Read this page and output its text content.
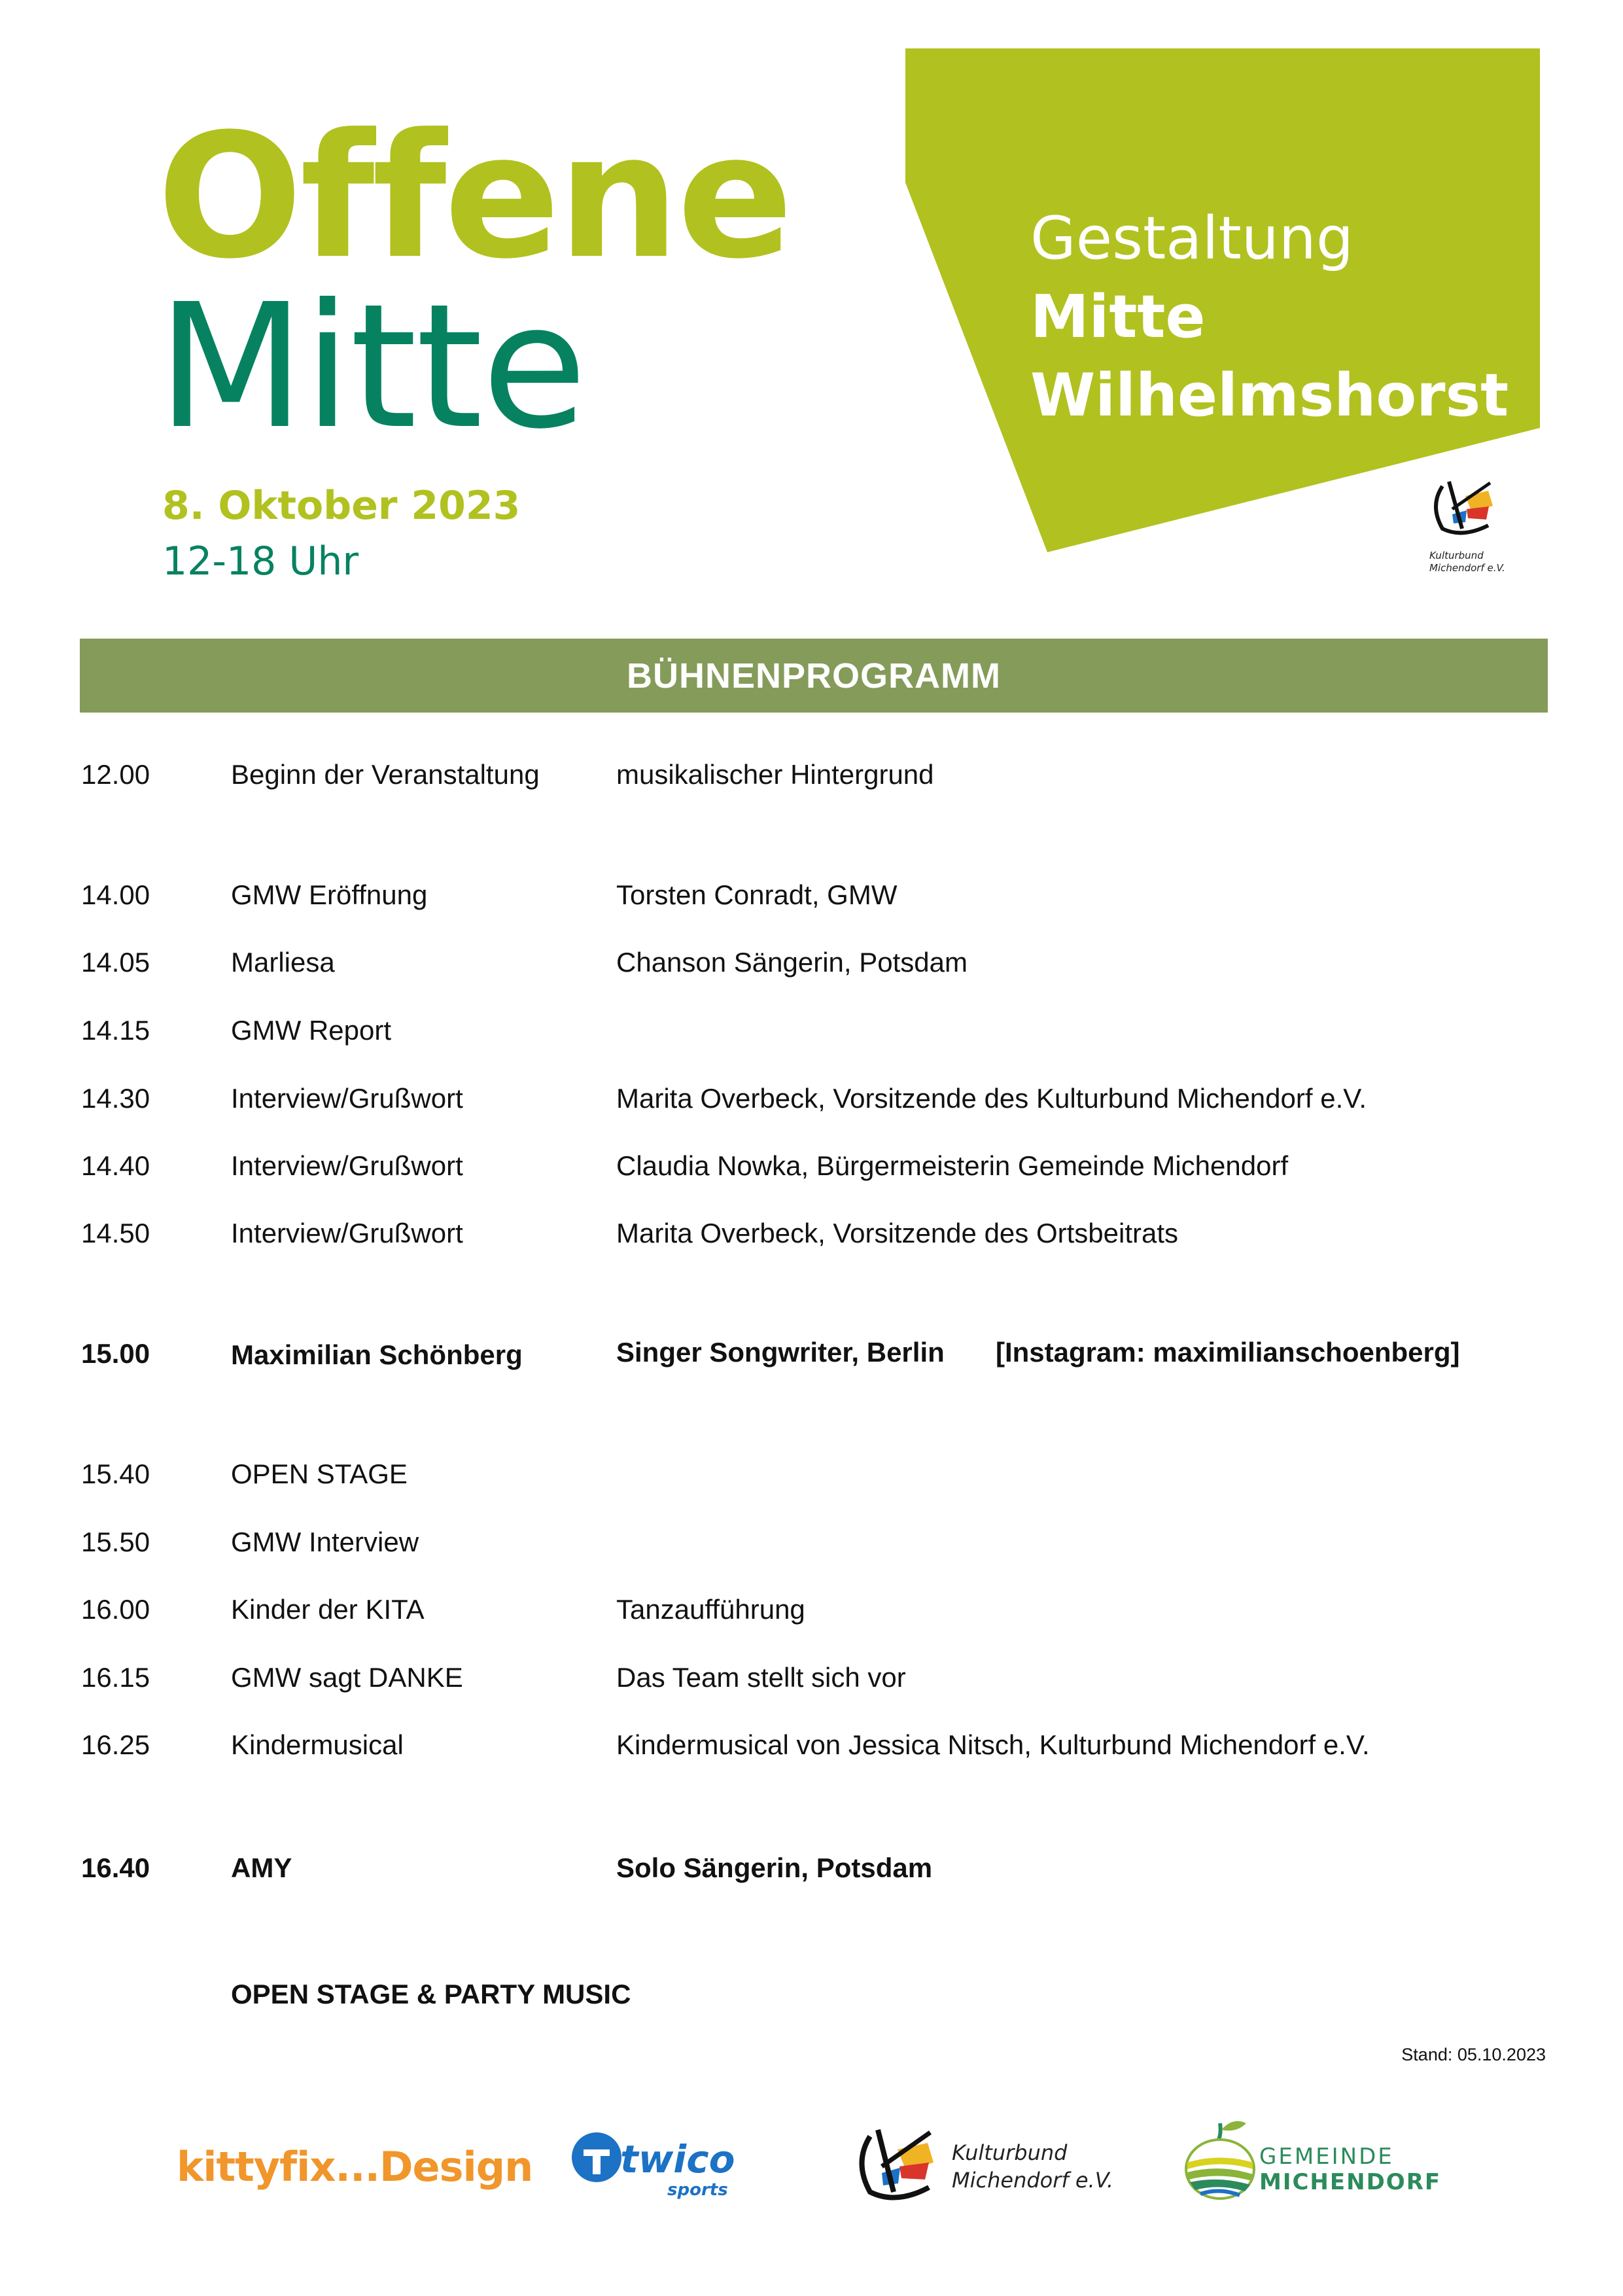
Offene
Mitte
8. Oktober 2023
12-18 Uhr
Gestaltung
Mitte
Wilhelmshorst
Kulturbund
Michendorf e.V.
BÜHNENPROGRAMM
12.00	Beginn der Veranstaltung	musikalischer Hintergrund
14.00	GMW Eröffnung	Torsten Conradt, GMW
14.05	Marliesa	Chanson Sängerin, Potsdam
14.15	GMW Report
14.30	Interview/Grußwort	Marita Overbeck, Vorsitzende des Kulturbund Michendorf e.V.
14.40	Interview/Grußwort	Claudia Nowka, Bürgermeisterin Gemeinde Michendorf
14.50	Interview/Grußwort	Marita Overbeck, Vorsitzende des Ortsbeitrats
15.00	Maximilian Schönberg	Singer Songwriter, Berlin [Instagram: maximilianschoenberg]
15.40	OPEN STAGE
15.50	GMW Interview
16.00	Kinder der KITA	Tanzaufführung
16.15	GMW sagt DANKE	Das Team stellt sich vor
16.25	Kindermusical	Kindermusical von Jessica Nitsch, Kulturbund Michendorf e.V.
16.40	AMY	Solo Sängerin, Potsdam
OPEN STAGE & PARTY MUSIC
Stand: 05.10.2023
kittyfix...Design twico
sports
Kulturbund
Michendorf e.V.
GEMEINDE
MICHENDORF
